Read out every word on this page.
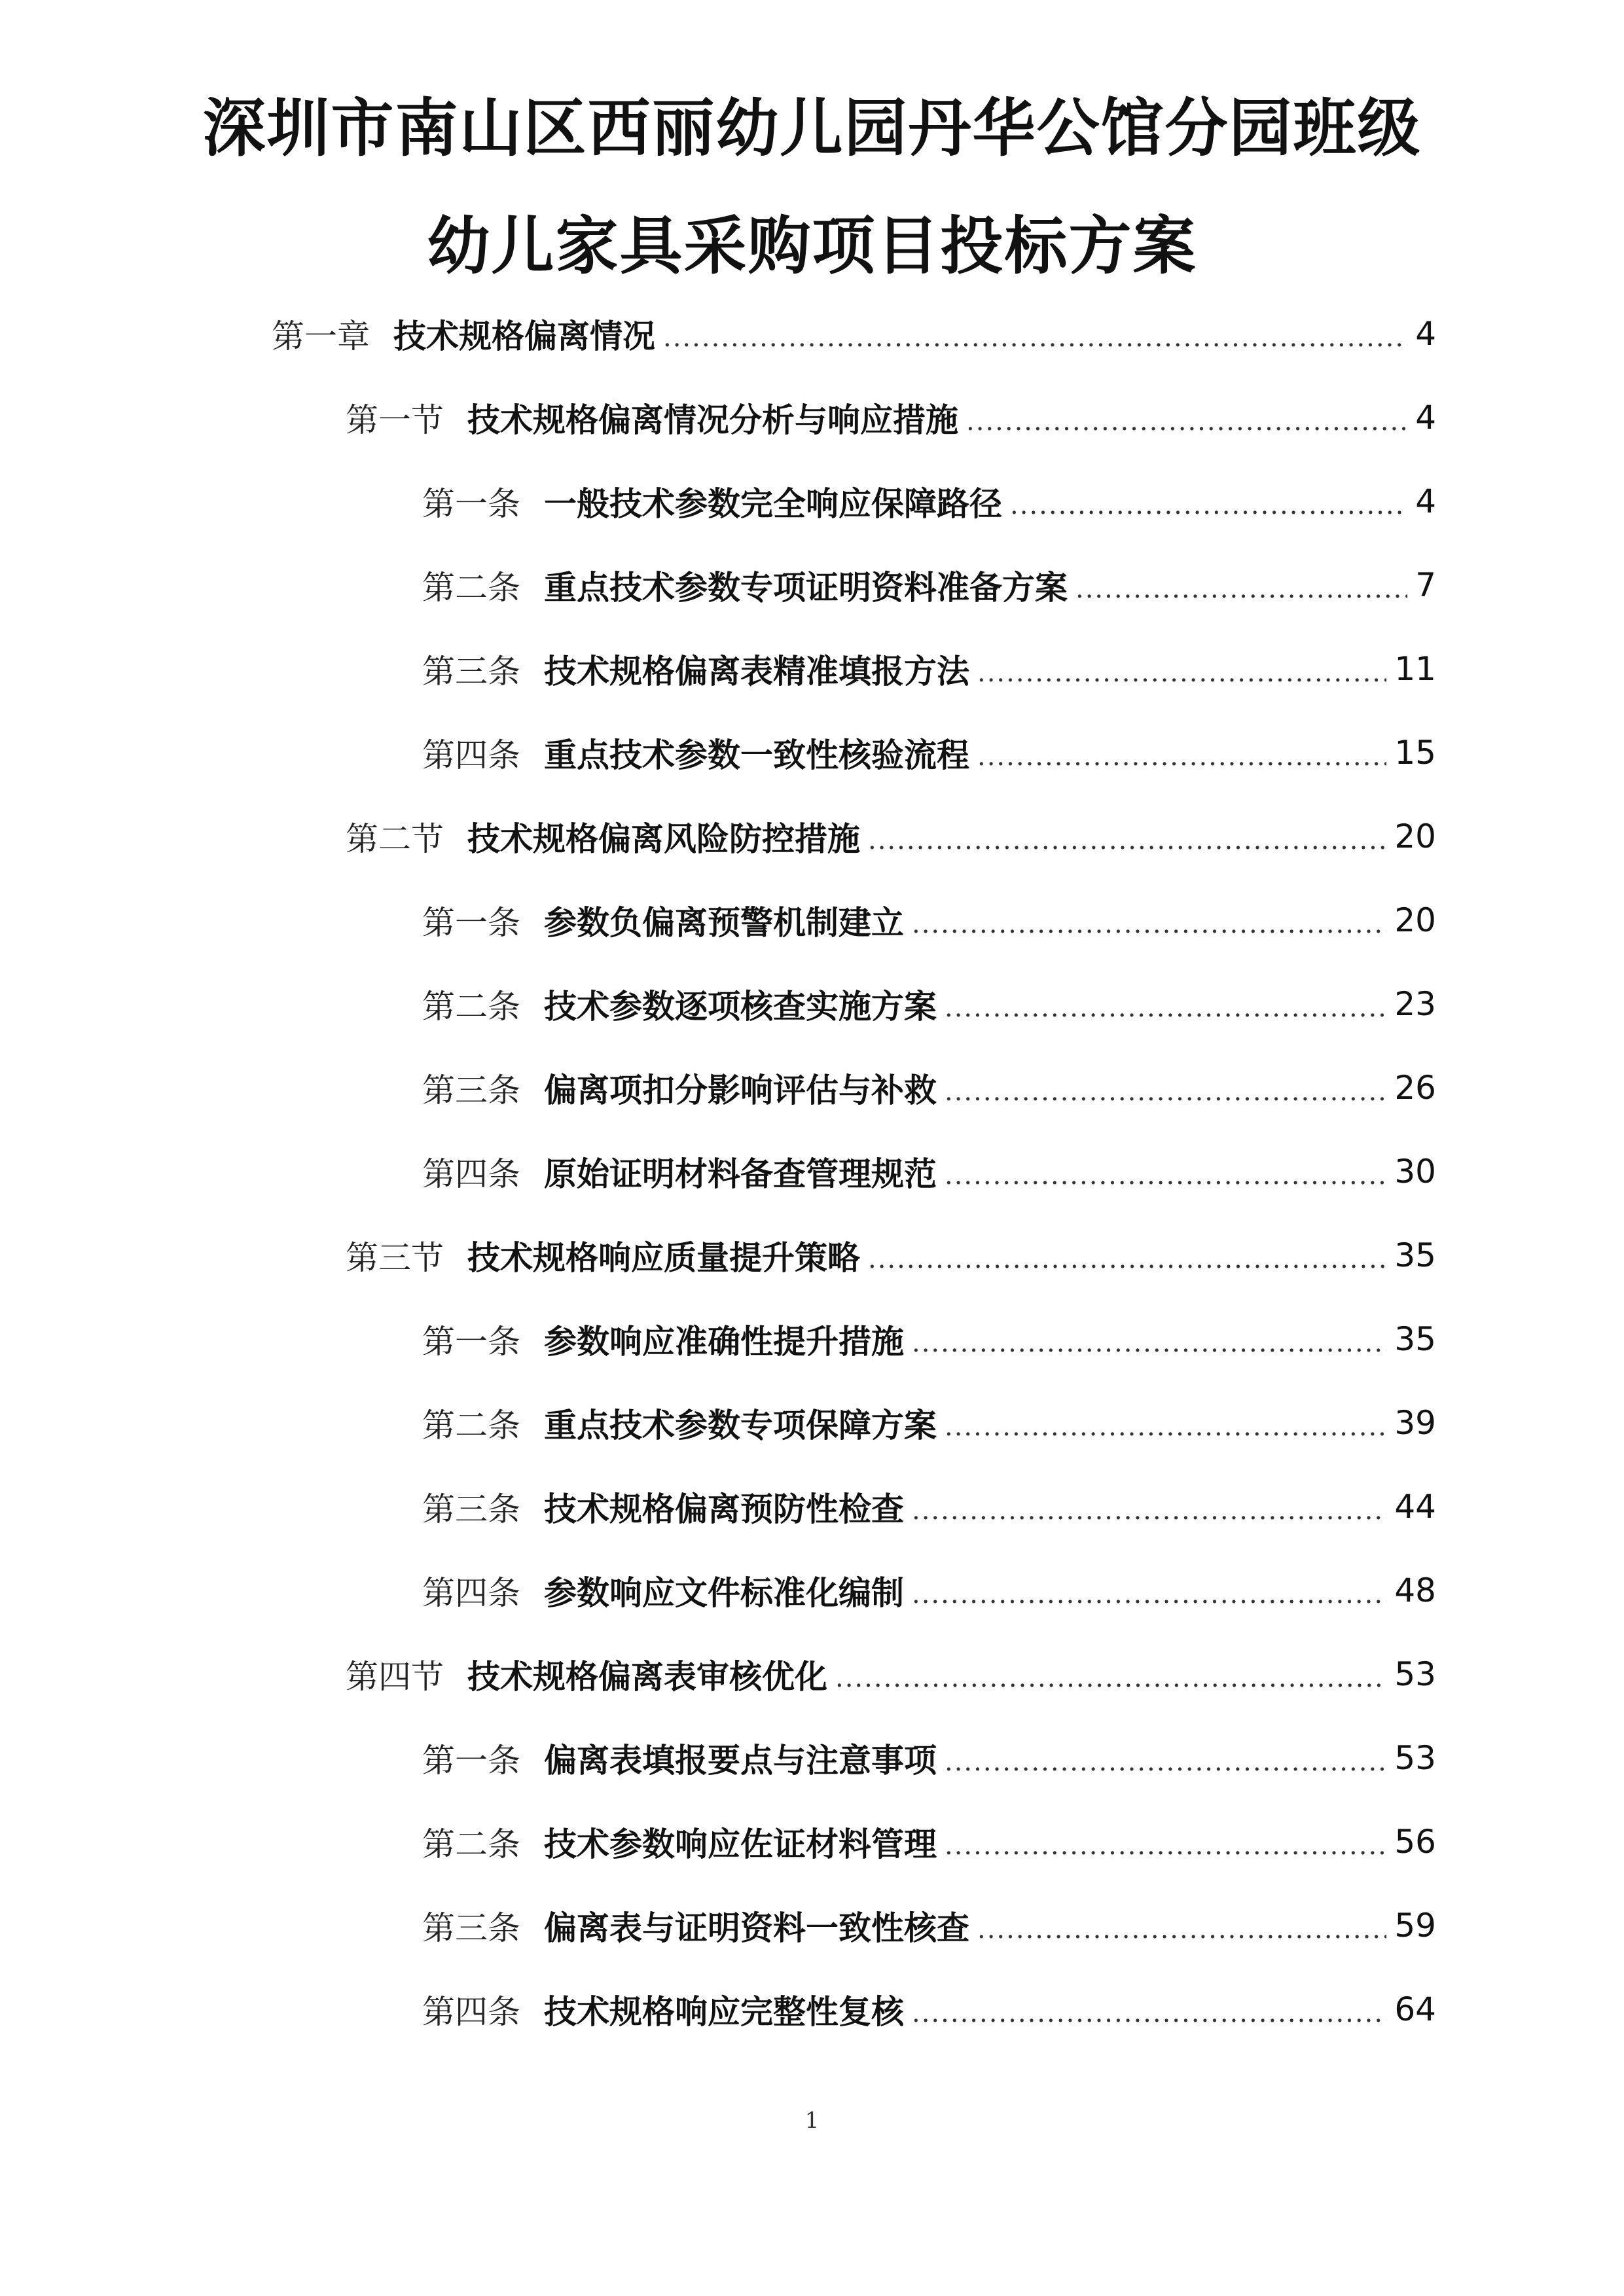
深圳市南山区西丽幼儿园丹华公馆分园班级
幼儿家具采购项目投标方案
第一章 技术规格偏离情况 .....	4
第一节 技术规格偏离情况分析与响应措施 .....	4
第一条 一般技术参数完全响应保障路径 .....	4
第二条 重点技术参数专项证明资料准备方案 .....	7
第三条 技术规格偏离表精准填报方法 .....	11
第四条 重点技术参数一致性核验流程 .....	15
第二节 技术规格偏离风险防控措施 .....	20
第一条 参数负偏离预警机制建立 .....	20
第二条 技术参数逐项核查实施方案 .....	23
第三条 偏离项扣分影响评估与补救 .....	26
第四条 原始证明材料备查管理规范 .....	30
第三节 技术规格响应质量提升策略 .....	35
第一条 参数响应准确性提升措施 .....	35
第二条 重点技术参数专项保障方案 .....	39
第三条 技术规格偏离预防性检查 .....	44
第四条 参数响应文件标准化编制 .....	48
第四节 技术规格偏离表审核优化 .....	53
第一条 偏离表填报要点与注意事项 .....	53
第二条 技术参数响应佐证材料管理 .....	56
第三条 偏离表与证明资料一致性核查 .....	59
第四条 技术规格响应完整性复核 .....	64
1
